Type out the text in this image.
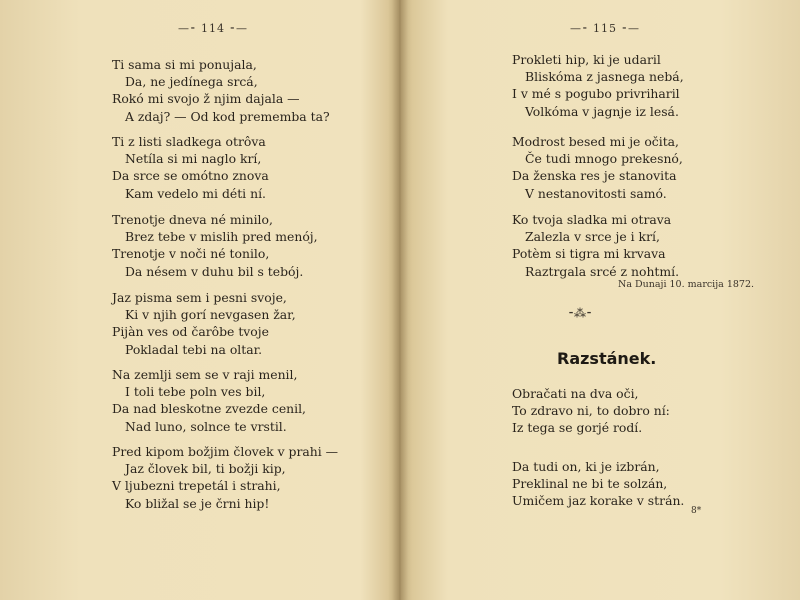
—⁃ 114 ⁃—
Ti sama si mi ponujala,
Da, ne jedínega srcá,
Rokó mi svojo ž njim dajala —
A zdaj? — Od kod prememba ta?
Ti z listi sladkega otrôva
Netíla si mi naglo krí,
Da srce se omótno znova
Kam vedelo mi déti ní.
Trenotje dneva né minilo,
Brez tebe v mislih pred menój,
Trenotje v noči né tonilo,
Da nésem v duhu bil s tebój.
Jaz pisma sem i pesni svoje,
Ki v njih gorí nevgasen žar,
Pijàn ves od čarôbe tvoje
Pokladal tebi na oltar.
Na zemlji sem se v raji menil,
I toli tebe poln ves bil,
Da nad bleskotne zvezde cenil,
Nad luno, solnce te vrstil.
Pred kipom božjim človek v prahi —
Jaz človek bil, ti božji kip,
V ljubezni trepetál i strahi,
Ko bližal se je črni hip!
—⁃ 115 ⁃—
Prokleti hip, ki je udaril
Bliskóma z jasnega nebá,
I v mé s pogubo privriharil
Volkóma v jagnje iz lesá.
Modrost besed mi je očita,
Če tudi mnogo prekesnó,
Da ženska res je stanovita
V nestanovitosti samó.
Ko tvoja sladka mi otrava
Zalezla v srce je i krí,
Potèm si tigra mi krvava
Raztrgala srcé z nohtmí.
Na Dunaji 10. marcija 1872.
⁃⁂⁃
Razstánek.
Obračati na dva oči,
To zdravo ni, to dobro ní:
Iz tega se gorjé rodí.
Da tudi on, ki je izbrán,
Preklinal ne bi te solzán,
Umičem jaz korake v strán.
8*
